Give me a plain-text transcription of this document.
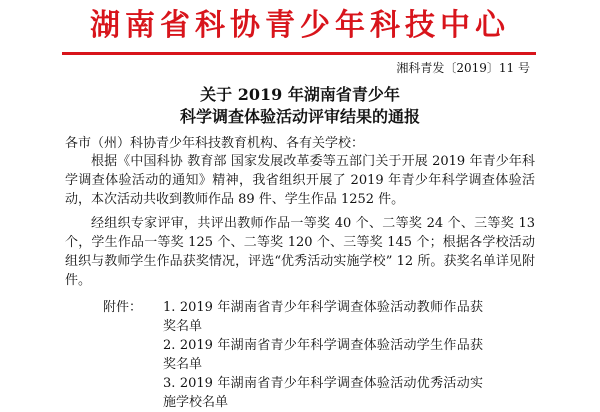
湖南省科协青少年科技中心
湘科青发〔2019〕11 号
关于 2019 年湖南省青少年
科学调查体验活动评审结果的通报
各市（州）科协青少年科技教育机构、各有关学校：
根据《中国科协 教育部 国家发展改革委等五部门关于开展 2019 年青少年科学调查体验活动的通知》精神，我省组织开展了 2019 年青少年科学调查体验活动，本次活动共收到教师作品 89 件、学生作品 1252 件。
经组织专家评审，共评出教师作品一等奖 40 个、二等奖 24 个、三等奖 13 个，学生作品一等奖 125 个、二等奖 120 个、三等奖 145 个；根据各学校活动组织与教师学生作品获奖情况，评选“优秀活动实施学校” 12 所。获奖名单详见附件。
附件： 1. 2019 年湖南省青少年科学调查体验活动教师作品获奖名单
2. 2019 年湖南省青少年科学调查体验活动学生作品获奖名单
3. 2019 年湖南省青少年科学调查体验活动优秀活动实施学校名单
